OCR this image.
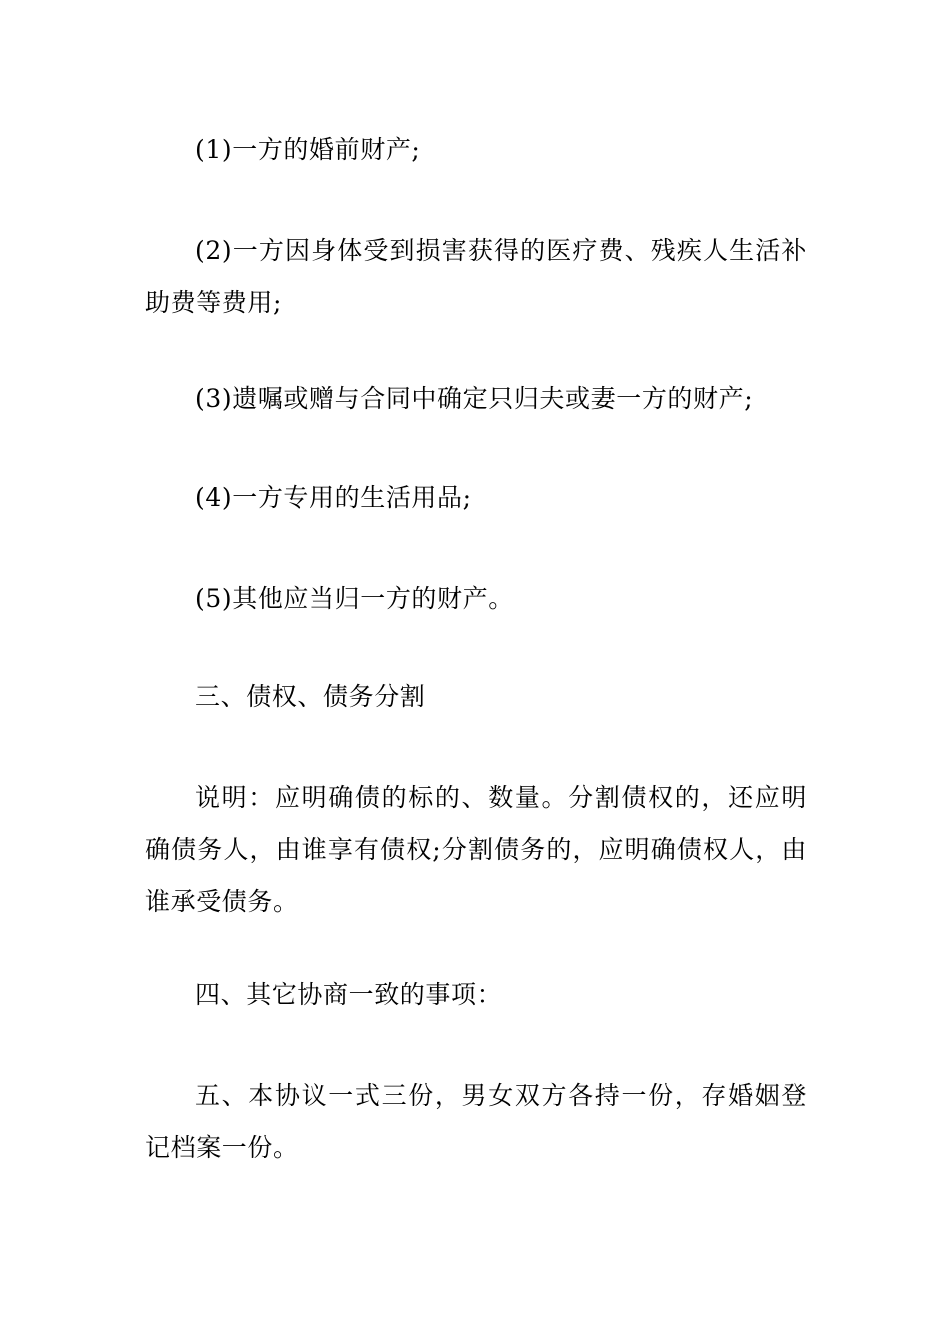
(1)一方的婚前财产;

(2)一方因身体受到损害获得的医疗费、残疾人生活补助费等费用;

(3)遗嘱或赠与合同中确定只归夫或妻一方的财产;

(4)一方专用的生活用品;

(5)其他应当归一方的财产。

三、债权、债务分割

说明：应明确债的标的、数量。分割债权的，还应明确债务人，由谁享有债权;分割债务的，应明确债权人，由谁承受债务。

四、其它协商一致的事项：

五、本协议一式三份，男女双方各持一份，存婚姻登记档案一份。
